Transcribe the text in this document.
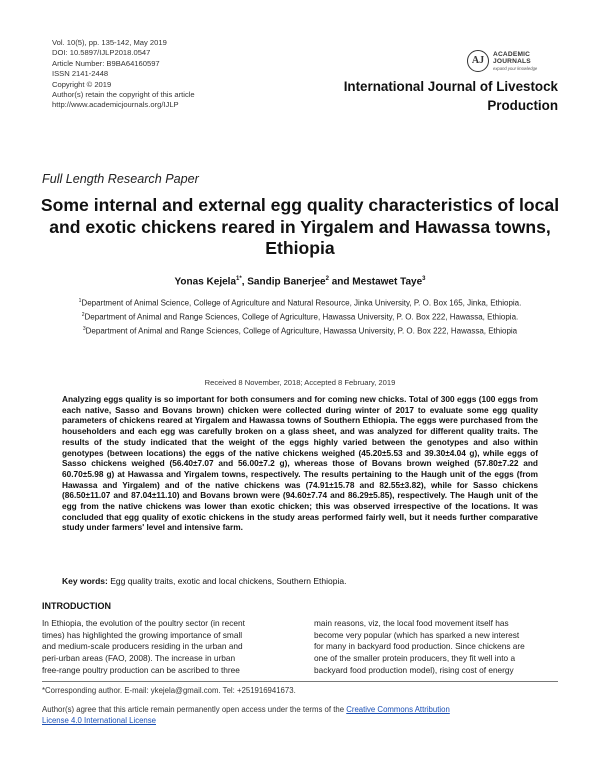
Vol. 10(5), pp. 135-142, May 2019
DOI: 10.5897/IJLP2018.0547
Article Number: B9BA64160597
ISSN 2141-2448
Copyright © 2019
Author(s) retain the copyright of this article
http://www.academicjournals.org/IJLP
AJ
ACADEMIC
JOURNALS
expand your knowledge
International Journal of Livestock
Production
Full Length Research Paper
Some internal and external egg quality characteristics of local and exotic chickens reared in Yirgalem and Hawassa towns, Ethiopia
Yonas Kejela$^{1*}$, Sandip Banerjee$^2$ and Mestawet Taye$^3$
$^1$Department of Animal Science, College of Agriculture and Natural Resource, Jinka University, P. O. Box 165, Jinka, Ethiopia.
$^2$Department of Animal and Range Sciences, College of Agriculture, Hawassa University, P. O. Box 222, Hawassa, Ethiopia.
$^3$Department of Animal and Range Sciences, College of Agriculture, Hawassa University, P. O. Box 222, Hawassa, Ethiopia
Received 8 November, 2018; Accepted 8 February, 2019
Analyzing eggs quality is so important for both consumers and for coming new chicks. Total of 300 eggs (100 eggs from each native, Sasso and Bovans brown) chicken were collected during winter of 2017 to evaluate some egg quality parameters of chickens reared at Yirgalem and Hawassa towns of Southern Ethiopia. The eggs were purchased from the householders and each egg was carefully broken on a glass sheet, and was analyzed for different quality traits. The results of the study indicated that the weight of the eggs highly varied between the genotypes and also within genotypes (between locations) the eggs of the native chickens weighed (45.20±5.53 and 39.30±4.04 g), while eggs of Sasso chickens weighed (56.40±7.07 and 56.00±7.2 g), whereas those of Bovans brown weighed (57.80±7.22 and 60.70±5.98 g) at Hawassa and Yirgalem towns, respectively. The results pertaining to the Haugh unit of the eggs (from Hawassa and Yirgalem) and of the native chickens was (74.91±15.78 and 82.55±3.82), while for Sasso chickens (86.50±11.07 and 87.04±11.10) and Bovans brown were (94.60±7.74 and 86.29±5.85), respectively. The Haugh unit of the egg from the native chickens was lower than exotic chicken; this was observed irrespective of the locations. It was concluded that egg quality of exotic chickens in the study areas performed fairly well, but it needs further comparative study under farmers' level and intensive farm.
Key words: Egg quality traits, exotic and local chickens, Southern Ethiopia.
INTRODUCTION
In Ethiopia, the evolution of the poultry sector (in recent
times) has highlighted the growing importance of small
and medium-scale producers residing in the urban and
peri-urban areas (FAO, 2008). The increase in urban
free-range poultry production can be ascribed to three
main reasons, viz, the local food movement itself has
become very popular (which has sparked a new interest
for many in backyard food production. Since chickens are
one of the smaller protein producers, they fit well into a
backyard food production model), rising cost of energy
*Corresponding author. E-mail: ykejela@gmail.com. Tel: +251916941673.
Author(s) agree that this article remain permanently open access under the terms of the Creative Commons Attribution
License 4.0 International License
